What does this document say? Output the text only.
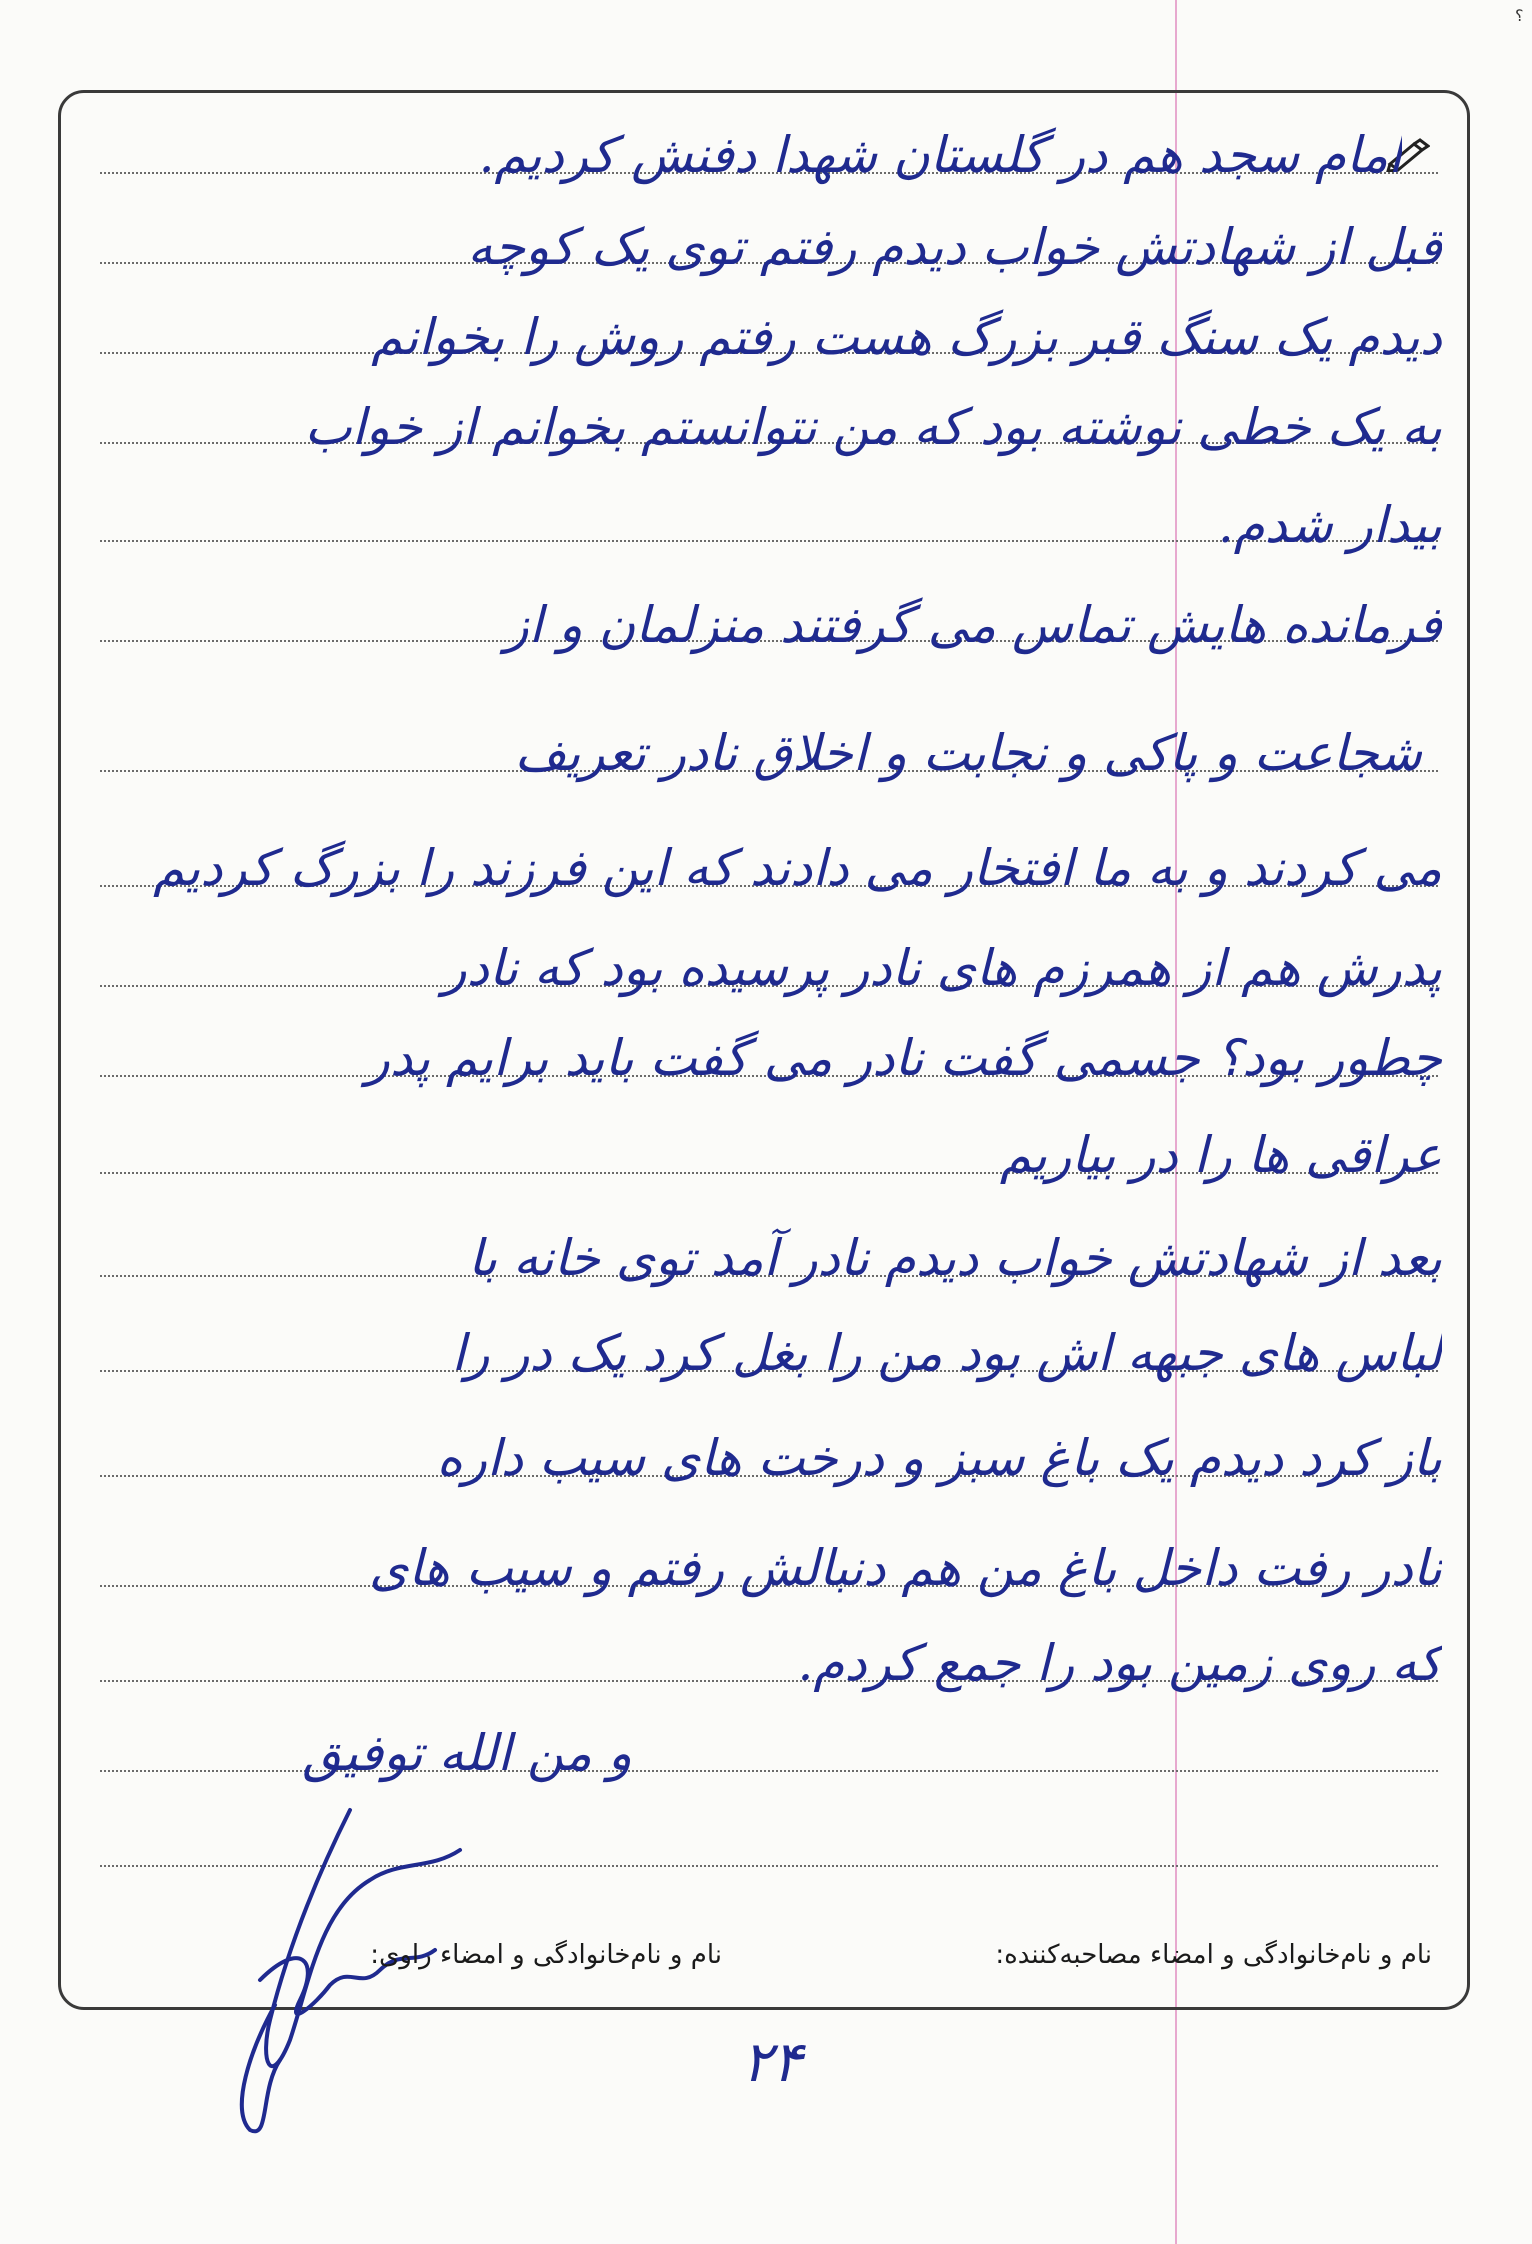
؟
امام سجد هم در گلستان شهدا دفنش کردیم.
قبل از شهادتش خواب دیدم رفتم توی یک کوچه
دیدم یک سنگ قبر بزرگ هست رفتم روش را بخوانم
به یک خطی نوشته بود که من نتوانستم بخوانم از خواب
بیدار شدم.
فرمانده هایش تماس می گرفتند منزلمان و از
شجاعت و پاکی و نجابت و اخلاق نادر تعریف
می کردند و به ما افتخار می دادند که این فرزند را بزرگ کردیم
پدرش هم از همرزم های نادر پرسیده بود که نادر
چطور بود؟ جسمی گفت نادر می گفت باید برایم پدر
عراقی ها را در بیاریم
بعد از شهادتش خواب دیدم نادر آمد توی خانه با
لباس های جبهه اش بود من را بغل کرد یک در را
باز کرد دیدم یک باغ سبز و درخت های سیب داره
نادر رفت داخل باغ من هم دنبالش رفتم و سیب های
که روی زمین بود را جمع کردم.
و من الله توفیق
نام و نام‌خانوادگی و امضاء مصاحبه‌کننده:
نام و نام‌خانوادگی و امضاء راوی:
۲۴
